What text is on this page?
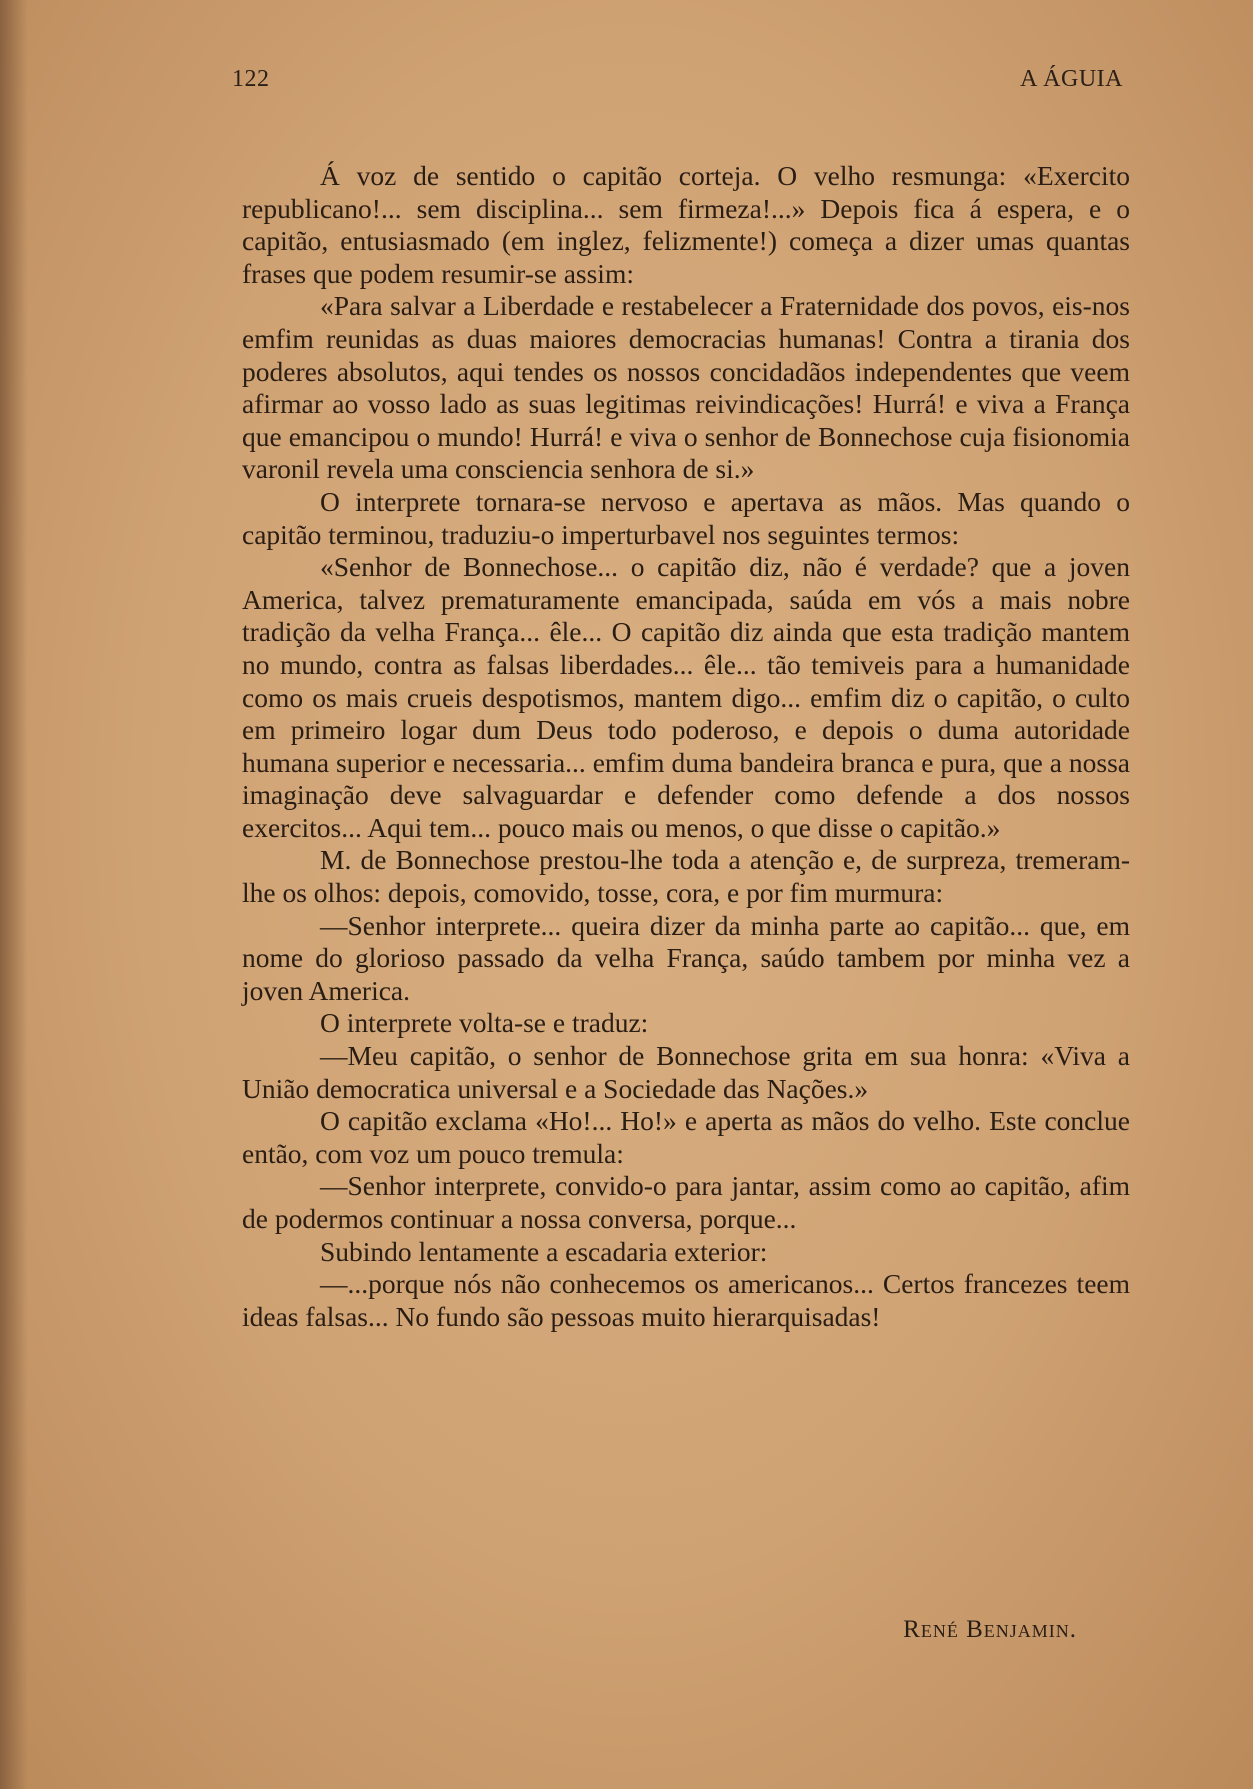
122	A ÁGUIA

Á voz de sentido o capitão corteja. O velho resmunga: «Exercito republicano!... sem disciplina... sem firmeza!...» Depois fica á espera, e o capitão, entusiasmado (em inglez, felizmente!) começa a dizer umas quantas frases que podem resumir-se assim:

«Para salvar a Liberdade e restabelecer a Fraternidade dos povos, eis-nos emfim reunidas as duas maiores democracias humanas! Contra a tirania dos poderes absolutos, aqui tendes os nossos concidadãos independentes que veem afirmar ao vosso lado as suas legitimas reivindicações! Hurrá! e viva a França que emancipou o mundo! Hurrá! e viva o senhor de Bonnechose cuja fisionomia varonil revela uma consciencia senhora de si.»

O interprete tornara-se nervoso e apertava as mãos. Mas quando o capitão terminou, traduziu-o imperturbavel nos seguintes termos:

«Senhor de Bonnechose... o capitão diz, não é verdade? que a joven America, talvez prematuramente emancipada, saúda em vós a mais nobre tradição da velha França... êle... O capitão diz ainda que esta tradição mantem no mundo, contra as falsas liberdades... êle... tão temiveis para a humanidade como os mais crueis despotismos, mantem digo... emfim diz o capitão, o culto em primeiro logar dum Deus todo poderoso, e depois o duma autoridade humana superior e necessaria... emfim duma bandeira branca e pura, que a nossa imaginação deve salvaguardar e defender como defende a dos nossos exercitos... Aqui tem... pouco mais ou menos, o que disse o capitão.»

M. de Bonnechose prestou-lhe toda a atenção e, de surpreza, tremeram-lhe os olhos: depois, comovido, tosse, cora, e por fim murmura:

—Senhor interprete... queira dizer da minha parte ao capitão... que, em nome do glorioso passado da velha França, saúdo tambem por minha vez a joven America.

O interprete volta-se e traduz:

—Meu capitão, o senhor de Bonnechose grita em sua honra: «Viva a União democratica universal e a Sociedade das Nações.»

O capitão exclama «Ho!... Ho!» e aperta as mãos do velho. Este conclue então, com voz um pouco tremula:

—Senhor interprete, convido-o para jantar, assim como ao capitão, afim de podermos continuar a nossa conversa, porque...

Subindo lentamente a escadaria exterior:

—...porque nós não conhecemos os americanos... Certos francezes teem ideas falsas... No fundo são pessoas muito hierarquisadas!

René Benjamin.
